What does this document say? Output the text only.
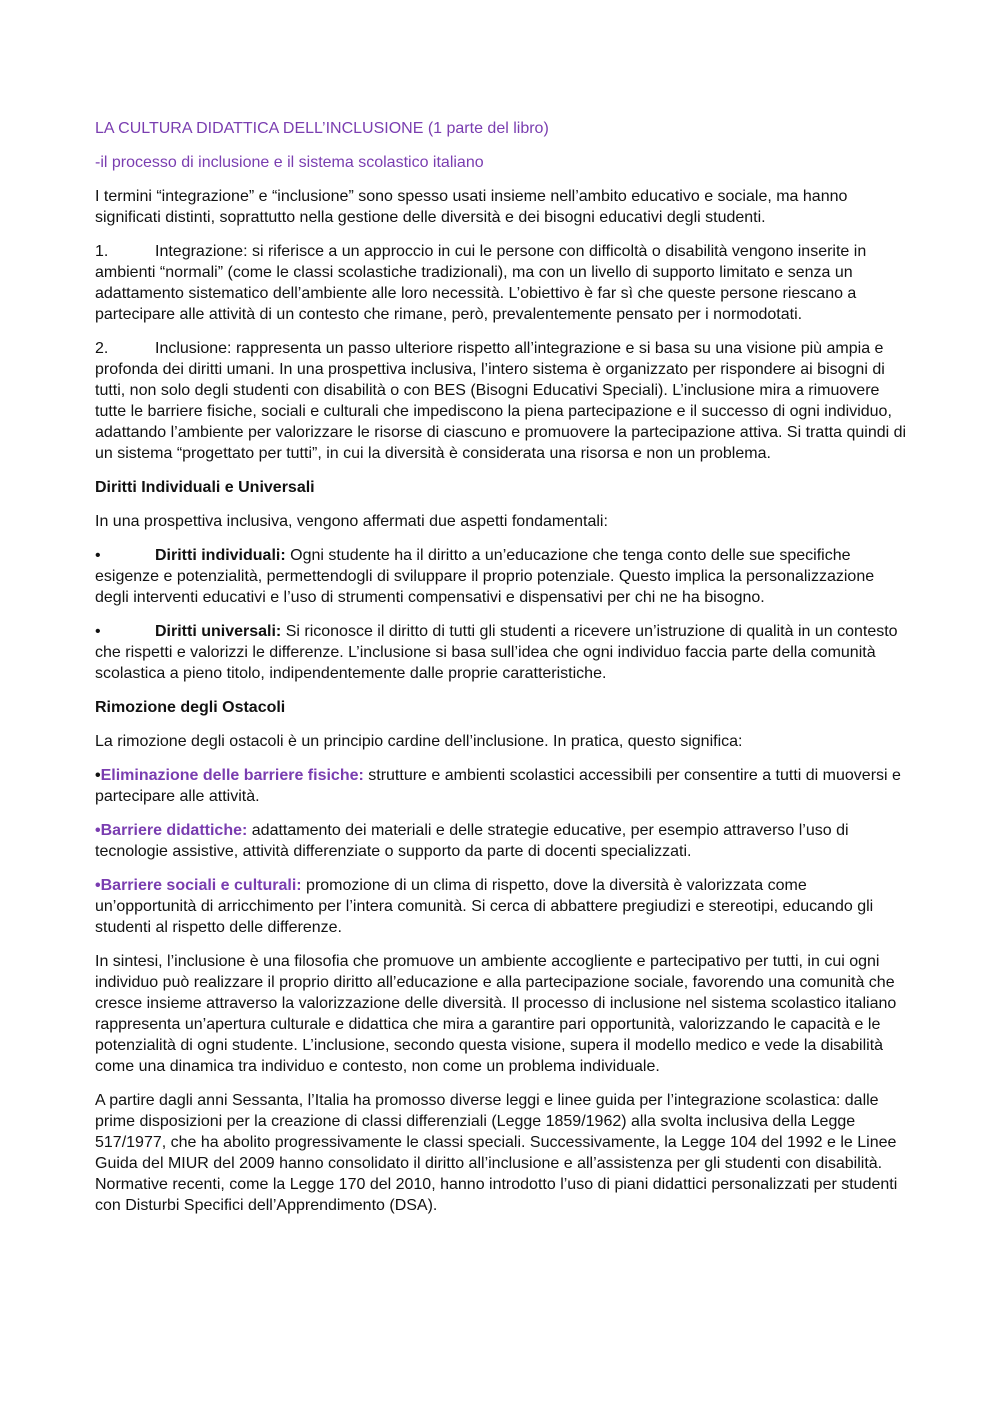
LA CULTURA DIDATTICA DELL’INCLUSIONE (1 parte del libro)

-il processo di inclusione e il sistema scolastico italiano

I termini “integrazione” e “inclusione” sono spesso usati insieme nell’ambito educativo e sociale, ma hanno significati distinti, soprattutto nella gestione delle diversità e dei bisogni educativi degli studenti.

1.	Integrazione: si riferisce a un approccio in cui le persone con difficoltà o disabilità vengono inserite in ambienti “normali” (come le classi scolastiche tradizionali), ma con un livello di supporto limitato e senza un adattamento sistematico dell’ambiente alle loro necessità. L’obiettivo è far sì che queste persone riescano a partecipare alle attività di un contesto che rimane, però, prevalentemente pensato per i normodotati.

2.	Inclusione: rappresenta un passo ulteriore rispetto all’integrazione e si basa su una visione più ampia e profonda dei diritti umani. In una prospettiva inclusiva, l’intero sistema è organizzato per rispondere ai bisogni di tutti, non solo degli studenti con disabilità o con BES (Bisogni Educativi Speciali). L’inclusione mira a rimuovere tutte le barriere fisiche, sociali e culturali che impediscono la piena partecipazione e il successo di ogni individuo, adattando l’ambiente per valorizzare le risorse di ciascuno e promuovere la partecipazione attiva. Si tratta quindi di un sistema “progettato per tutti”, in cui la diversità è considerata una risorsa e non un problema.

Diritti Individuali e Universali

In una prospettiva inclusiva, vengono affermati due aspetti fondamentali:

•	Diritti individuali: Ogni studente ha il diritto a un’educazione che tenga conto delle sue specifiche esigenze e potenzialità, permettendogli di sviluppare il proprio potenziale. Questo implica la personalizzazione degli interventi educativi e l’uso di strumenti compensativi e dispensativi per chi ne ha bisogno.

•	Diritti universali: Si riconosce il diritto di tutti gli studenti a ricevere un’istruzione di qualità in un contesto che rispetti e valorizzi le differenze. L’inclusione si basa sull’idea che ogni individuo faccia parte della comunità scolastica a pieno titolo, indipendentemente dalle proprie caratteristiche.

Rimozione degli Ostacoli

La rimozione degli ostacoli è un principio cardine dell’inclusione. In pratica, questo significa:

•Eliminazione delle barriere fisiche: strutture e ambienti scolastici accessibili per consentire a tutti di muoversi e partecipare alle attività.

•Barriere didattiche: adattamento dei materiali e delle strategie educative, per esempio attraverso l’uso di tecnologie assistive, attività differenziate o supporto da parte di docenti specializzati.

•Barriere sociali e culturali: promozione di un clima di rispetto, dove la diversità è valorizzata come un’opportunità di arricchimento per l’intera comunità. Si cerca di abbattere pregiudizi e stereotipi, educando gli studenti al rispetto delle differenze.

In sintesi, l’inclusione è una filosofia che promuove un ambiente accogliente e partecipativo per tutti, in cui ogni individuo può realizzare il proprio diritto all’educazione e alla partecipazione sociale, favorendo una comunità che cresce insieme attraverso la valorizzazione delle diversità. Il processo di inclusione nel sistema scolastico italiano rappresenta un’apertura culturale e didattica che mira a garantire pari opportunità, valorizzando le capacità e le potenzialità di ogni studente. L’inclusione, secondo questa visione, supera il modello medico e vede la disabilità come una dinamica tra individuo e contesto, non come un problema individuale.

A partire dagli anni Sessanta, l’Italia ha promosso diverse leggi e linee guida per l’integrazione scolastica: dalle prime disposizioni per la creazione di classi differenziali (Legge 1859/1962) alla svolta inclusiva della Legge 517/1977, che ha abolito progressivamente le classi speciali. Successivamente, la Legge 104 del 1992 e le Linee Guida del MIUR del 2009 hanno consolidato il diritto all’inclusione e all’assistenza per gli studenti con disabilità. Normative recenti, come la Legge 170 del 2010, hanno introdotto l’uso di piani didattici personalizzati per studenti con Disturbi Specifici dell’Apprendimento (DSA).
